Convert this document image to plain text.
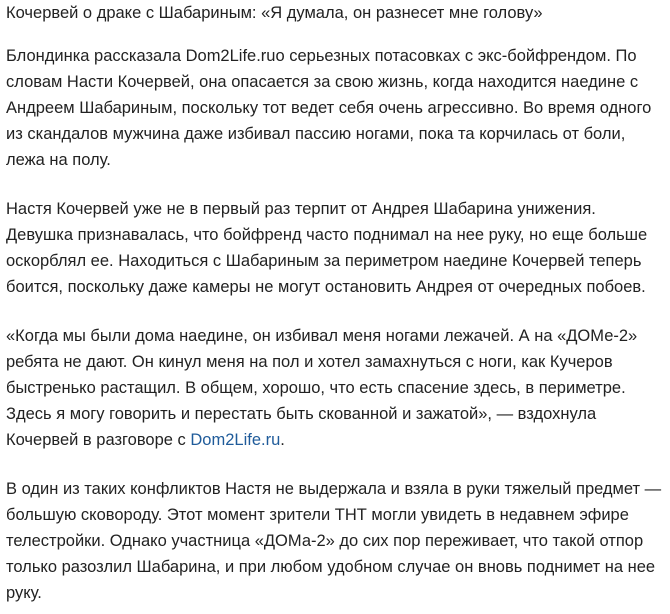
Кочервей о драке с Шабариным: «Я думала, он разнесет мне голову»

Блондинка рассказала Dom2Life.ruo серьезных потасовках с экс-бойфрендом. По словам Насти Кочервей, она опасается за свою жизнь, когда находится наедине с Андреем Шабариным, поскольку тот ведет себя очень агрессивно. Во время одного из скандалов мужчина даже избивал пассию ногами, пока та корчилась от боли, лежа на полу.

Настя Кочервей уже не в первый раз терпит от Андрея Шабарина унижения. Девушка признавалась, что бойфренд часто поднимал на нее руку, но еще больше оскорблял ее. Находиться с Шабариным за периметром наедине Кочервей теперь боится, поскольку даже камеры не могут остановить Андрея от очередных побоев.

«Когда мы были дома наедине, он избивал меня ногами лежачей. А на «ДОМе-2» ребята не дают. Он кинул меня на пол и хотел замахнуться с ноги, как Кучеров быстренько растащил. В общем, хорошо, что есть спасение здесь, в периметре. Здесь я могу говорить и перестать быть скованной и зажатой», — вздохнула Кочервей в разговоре с Dom2Life.ru.

В один из таких конфликтов Настя не выдержала и взяла в руки тяжелый предмет — большую сковороду. Этот момент зрители ТНТ могли увидеть в недавнем эфире телестройки. Однако участница «ДОМа-2» до сих пор переживает, что такой отпор только разозлил Шабарина, и при любом удобном случае он вновь поднимет на нее руку.
